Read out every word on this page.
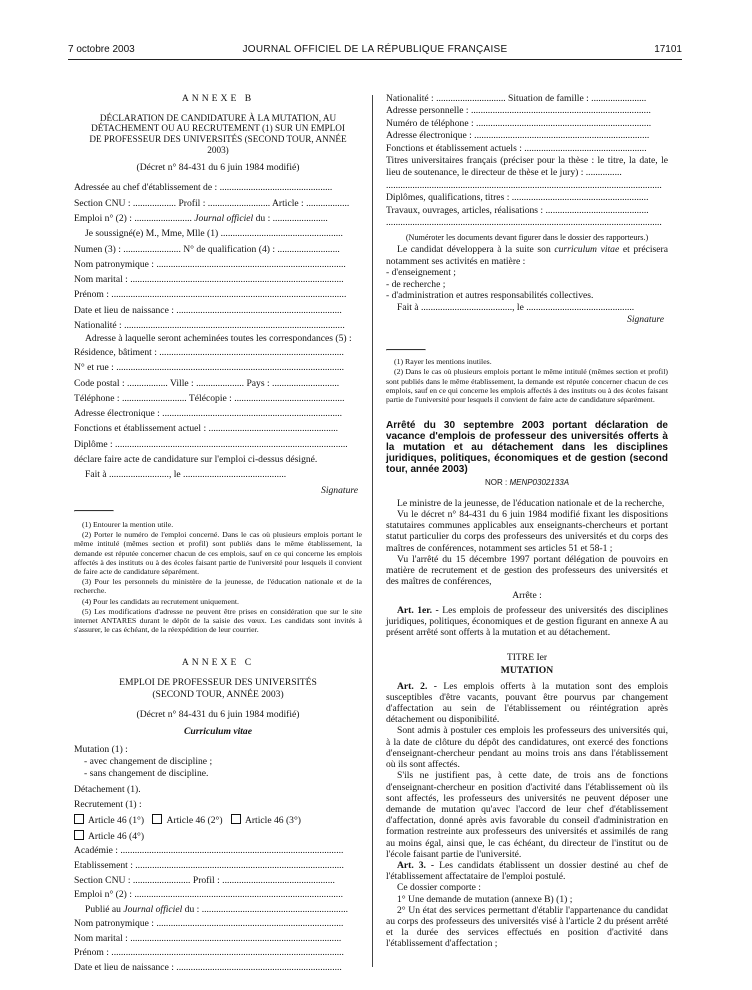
7 octobre 2003	JOURNAL OFFICIEL DE LA RÉPUBLIQUE FRANÇAISE	17101
ANNEXE B
DÉCLARATION DE CANDIDATURE À LA MUTATION, AU DÉTACHEMENT OU AU RECRUTEMENT (1) SUR UN EMPLOI DE PROFESSEUR DES UNIVERSITÉS (SECOND TOUR, ANNÉE 2003)
(Décret n° 84-431 du 6 juin 1984 modifié)
Adressée au chef d'établissement de : ...............................................
Section CNU : .................. Profil : .......................... Article : ..................
Emploi n° (2) : ........................ Journal officiel du : .......................
Je soussigné(e) M., Mme, Mlle (1) ...................................................
Numen (3) : ........................ N° de qualification (4) : ..........................
Nom patronymique : ...............................................................................
Nom marital : .........................................................................................
Prénom : ..................................................................................................
Date et lieu de naissance : .....................................................................
Nationalité : ............................................................................................
Adresse à laquelle seront acheminées toutes les correspondances (5) :
Résidence, bâtiment : .............................................................................
N° et rue : ...............................................................................................
Code postal : ................. Ville : .................... Pays : ............................
Téléphone : ........................... Télécopie : ..............................................
Adresse électronique : ...........................................................................
Fonctions et établissement actuel : ......................................................
Diplôme : .................................................................................................
déclare faire acte de candidature sur l'emploi ci-dessus désigné.
Fait à ........................., le ...........................................
Signature

(1) Entourer la mention utile.

(2) Porter le numéro de l'emploi concerné. Dans le cas où plusieurs emplois portant le même intitulé (mêmes section et profil) sont publiés dans le même établissement, la demande est réputée concerner chacun de ces emplois, sauf en ce qui concerne les emplois affectés à des instituts ou à des écoles faisant partie de l'université pour lesquels il convient de faire acte de candidature séparément.

(3) Pour les personnels du ministère de la jeunesse, de l'éducation nationale et de la recherche.

(4) Pour les candidats au recrutement uniquement.

(5) Les modifications d'adresse ne peuvent être prises en considération que sur le site internet ANTARES durant le dépôt de la saisie des vœux. Les candidats sont invités à s'assurer, le cas échéant, de la réexpédition de leur courrier.

ANNEXE C
EMPLOI DE PROFESSEUR DES UNIVERSITÉS (SECOND TOUR, ANNÉE 2003)
(Décret n° 84-431 du 6 juin 1984 modifié)
Curriculum vitae
Mutation (1) :
- avec changement de discipline ;
- sans changement de discipline.
Détachement (1).
Recrutement (1) :
Article 46 (1°) Article 46 (2°) Article 46 (3°)
Article 46 (4°)
Académie : .............................................................................................
Etablissement : .......................................................................................
Section CNU : ........................ Profil : ...............................................
Emploi n° (2) : .......................................................................................
Publié au Journal officiel du : .............................................................
Nom patronymique : ..............................................................................
Nom marital : ........................................................................................
Prénom : .................................................................................................
Date et lieu de naissance : .....................................................................
Nationalité : ............................. Situation de famille : .......................
Adresse personnelle : ...........................................................................
Numéro de téléphone : .........................................................................
Adresse électronique : .........................................................................
Fonctions et établissement actuels : ...................................................
Titres universitaires français (préciser pour la thèse : le titre, la date, le lieu de soutenance, le directeur de thèse et le jury) : ...............
...................................................................................................................
Diplômes, qualifications, titres : .........................................................
Travaux, ouvrages, articles, réalisations : ...........................................
...................................................................................................................
(Numéroter les documents devant figurer dans le dossier des rapporteurs.)
Le candidat développera à la suite son curriculum vitae et précisera notamment ses activités en matière :
- d'enseignement ;
- de recherche ;
- d'administration et autres responsabilités collectives.
Fait à ......................................, le .............................................
Signature

(1) Rayer les mentions inutiles.

(2) Dans le cas où plusieurs emplois portant le même intitulé (mêmes section et profil) sont publiés dans le même établissement, la demande est réputée concerner chacun de ces emplois, sauf en ce qui concerne les emplois affectés à des instituts ou à des écoles faisant partie de l'université pour lesquels il convient de faire acte de candidature séparément.

Arrêté du 30 septembre 2003 portant déclaration de vacance d'emplois de professeur des universités offerts à la mutation et au détachement dans les disciplines juridiques, politiques, économiques et de gestion (second tour, année 2003)
NOR : MENP0302133A
Le ministre de la jeunesse, de l'éducation nationale et de la recherche,
Vu le décret n° 84-431 du 6 juin 1984 modifié fixant les dispositions statutaires communes applicables aux enseignants-chercheurs et portant statut particulier du corps des professeurs des universités et du corps des maîtres de conférences, notamment ses articles 51 et 58-1 ;
Vu l'arrêté du 15 décembre 1997 portant délégation de pouvoirs en matière de recrutement et de gestion des professeurs des universités et des maîtres de conférences,
Arrête :
Art. 1er. - Les emplois de professeur des universités des disciplines juridiques, politiques, économiques et de gestion figurant en annexe A au présent arrêté sont offerts à la mutation et au détachement.
TITRE Ier
MUTATION
Art. 2. - Les emplois offerts à la mutation sont des emplois susceptibles d'être vacants, pouvant être pourvus par changement d'affectation au sein de l'établissement ou réintégration après détachement ou disponibilité.
Sont admis à postuler ces emplois les professeurs des universités qui, à la date de clôture du dépôt des candidatures, ont exercé des fonctions d'enseignant-chercheur pendant au moins trois ans dans l'établissement où ils sont affectés.
S'ils ne justifient pas, à cette date, de trois ans de fonctions d'enseignant-chercheur en position d'activité dans l'établissement où ils sont affectés, les professeurs des universités ne peuvent déposer une demande de mutation qu'avec l'accord de leur chef d'établissement d'affectation, donné après avis favorable du conseil d'administration en formation restreinte aux professeurs des universités et assimilés de rang au moins égal, ainsi que, le cas échéant, du directeur de l'institut ou de l'école faisant partie de l'université.
Art. 3. - Les candidats établissent un dossier destiné au chef de l'établissement affectataire de l'emploi postulé.
Ce dossier comporte :
1° Une demande de mutation (annexe B) (1) ;
2° Un état des services permettant d'établir l'appartenance du candidat au corps des professeurs des universités visé à l'article 2 du présent arrêté et la durée des services effectués en position d'activité dans l'établissement d'affectation ;
